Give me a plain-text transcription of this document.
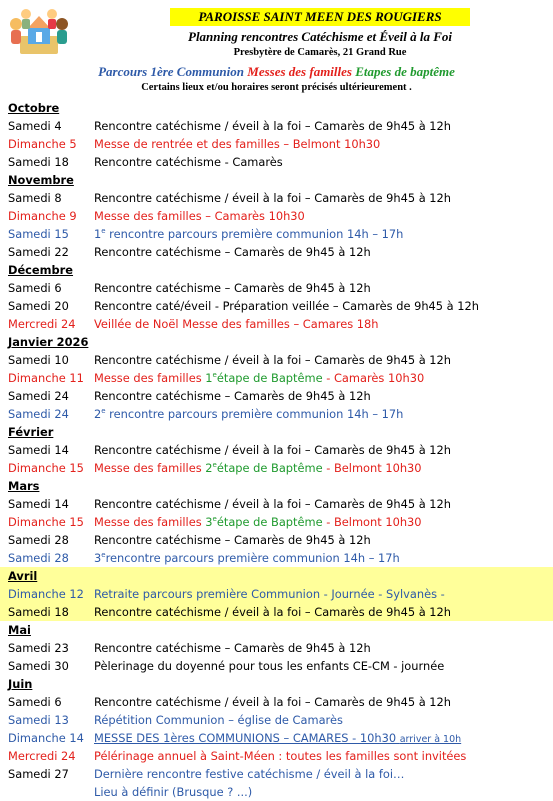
PAROISSE SAINT MEEN DES ROUGIERS
Planning rencontres Catéchisme et Éveil à la Foi
Presbytère de Camarès, 21 Grand Rue
Parcours 1ère Communion Messes des familles Etapes de baptême
Certains lieux et/ou horaires seront précisés ultérieurement .
Octobre
Samedi 4	Rencontre catéchisme / éveil à la foi – Camarès de 9h45 à 12h
Dimanche 5 Messe de rentrée et des familles – Belmont 10h30
Samedi 18 Rencontre catéchisme - Camarès
Novembre
Samedi 8	Rencontre catéchisme / éveil à la foi – Camarès de 9h45 à 12h
Dimanche 9 Messe des familles – Camarès 10h30
Samedi 15 1e rencontre parcours première communion 14h – 17h
Samedi 22 Rencontre catéchisme – Camarès de 9h45 à 12h
Décembre
Samedi 6	Rencontre catéchisme – Camarès de 9h45 à 12h
Samedi 20 Rencontre caté/éveil - Préparation veillée – Camarès de 9h45 à 12h
Mercredi 24 Veillée de Noël Messe des familles – Camares 18h
Janvier 2026
Samedi 10 Rencontre catéchisme / éveil à la foi – Camarès de 9h45 à 12h
Dimanche 11 Messe des familles 1eétape de Baptême - Camarès 10h30
Samedi 24 Rencontre catéchisme – Camarès de 9h45 à 12h
Samedi 24 2e rencontre parcours première communion 14h – 17h
Février
Samedi 14 Rencontre catéchisme / éveil à la foi – Camarès de 9h45 à 12h
Dimanche 15 Messe des familles 2eétape de Baptême - Belmont 10h30
Mars
Samedi 14 Rencontre catéchisme / éveil à la foi – Camarès de 9h45 à 12h
Dimanche 15 Messe des familles 3eétape de Baptême - Belmont 10h30
Samedi 28 Rencontre catéchisme – Camarès de 9h45 à 12h
Samedi 28 3erencontre parcours première communion 14h – 17h
Avril
Dimanche 12 Retraite parcours première Communion - Journée - Sylvanès -
Samedi 18 Rencontre catéchisme / éveil à la foi – Camarès de 9h45 à 12h
Mai
Samedi 23 Rencontre catéchisme – Camarès de 9h45 à 12h
Samedi 30 Pèlerinage du doyenné pour tous les enfants CE-CM - journée
Juin
Samedi 6	Rencontre catéchisme / éveil à la foi – Camarès de 9h45 à 12h
Samedi 13 Répétition Communion – église de Camarès
Dimanche 14 MESSE DES 1ères COMMUNIONS – CAMARES - 10h30 arriver à 10h
Mercredi 24 Pélérinage annuel à Saint-Méen : toutes les familles sont invitées
Samedi 27 Dernière rencontre festive catéchisme / éveil à la foi…
Lieu à définir (Brusque ? ...)
